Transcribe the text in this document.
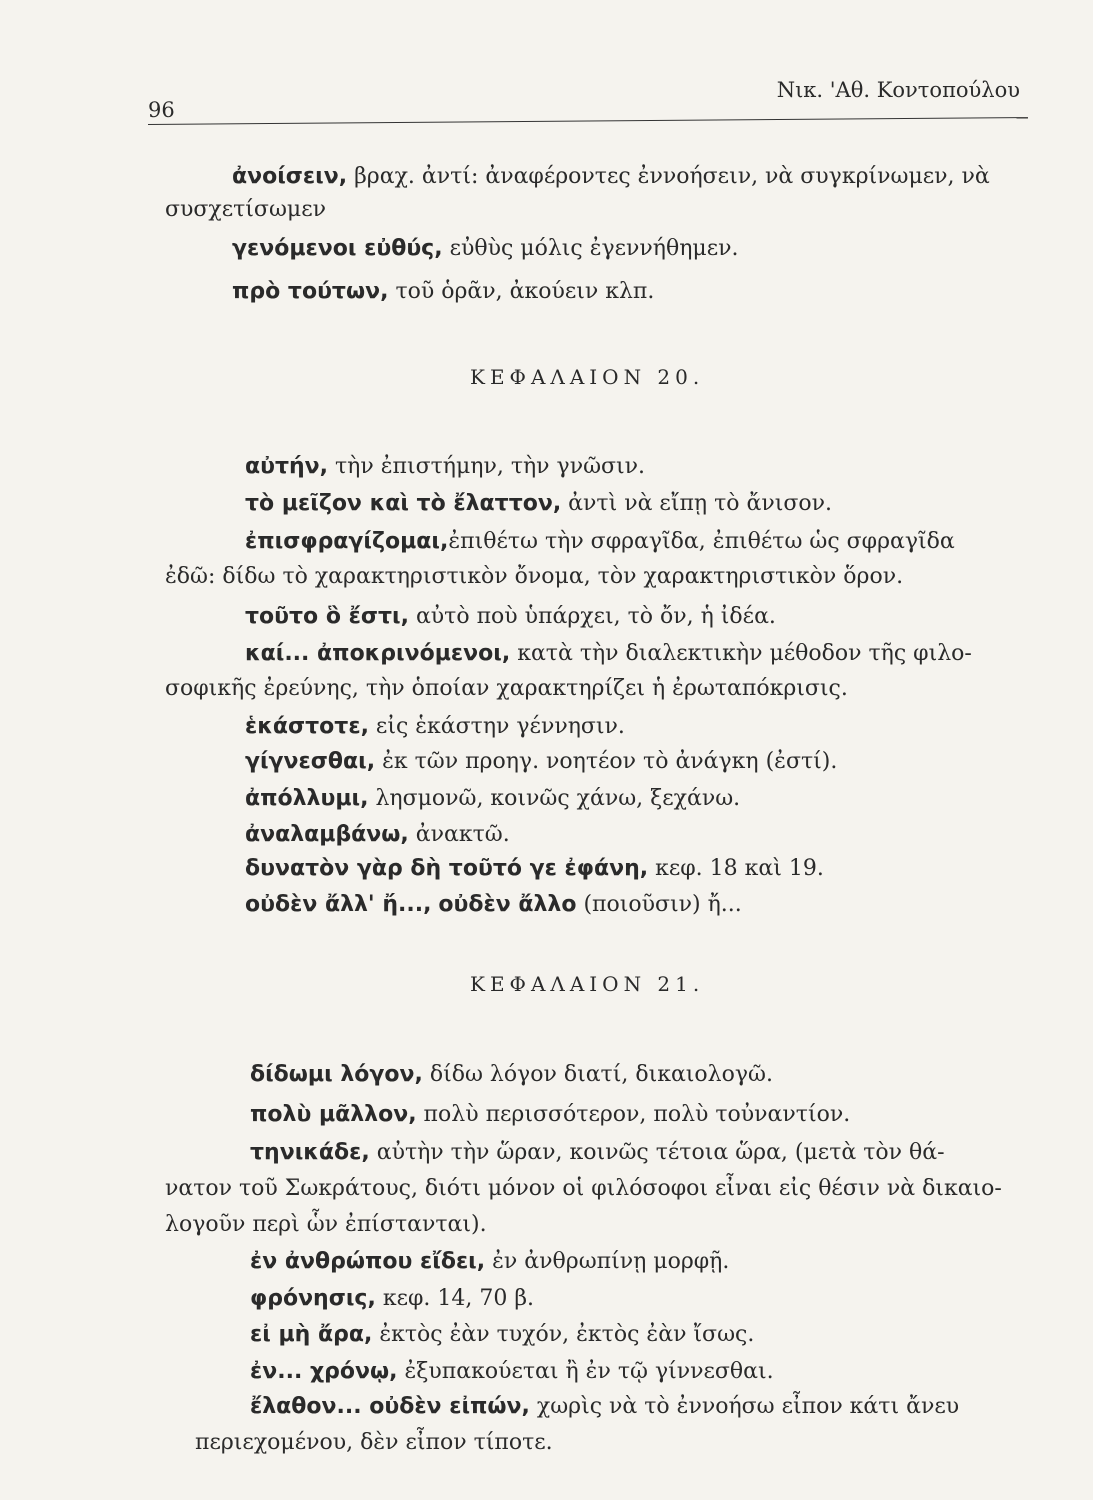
96
Νικ. 'Αθ. Κοντοπούλου
ἀνοίσειν, βραχ. ἀντί: ἀναφέροντες ἐννοήσειν, νὰ συγκρίνωμεν, νὰ
συσχετίσωμεν
γενόμενοι εὐθύς, εὐθὺς μόλις ἐγεννήθημεν.
πρὸ τούτων, τοῦ ὁρᾶν, ἀκούειν κλπ.
ΚΕΦΑΛΑΙΟΝ 20.
αὐτήν, τὴν ἐπιστήμην, τὴν γνῶσιν.
τὸ μεῖζον καὶ τὸ ἔλαττον, ἀντὶ νὰ εἴπῃ τὸ ἄνισον.
ἐπισφραγίζομαι,ἐπιθέτω τὴν σφραγῖδα, ἐπιθέτω ὡς σφραγῖδα
ἐδῶ: δίδω τὸ χαρακτηριστικὸν ὄνομα, τὸν χαρακτηριστικὸν ὅρον.
τοῦτο ὃ ἔστι, αὐτὸ ποὺ ὑπάρχει, τὸ ὄν, ἡ ἰδέα.
καί... ἀποκρινόμενοι, κατὰ τὴν διαλεκτικὴν μέθοδον τῆς φιλο-
σοφικῆς ἐρεύνης, τὴν ὁποίαν χαρακτηρίζει ἡ ἐρωταπόκρισις.
ἑκάστοτε, εἰς ἑκάστην γέννησιν.
γίγνεσθαι, ἐκ τῶν προηγ. νοητέον τὸ ἀνάγκη (ἐστί).
ἀπόλλυμι, λησμονῶ, κοινῶς χάνω, ξεχάνω.
ἀναλαμβάνω, ἀνακτῶ.
δυνατὸν γὰρ δὴ τοῦτό γε ἐφάνη, κεφ. 18 καὶ 19.
οὐδὲν ἄλλ' ἤ..., οὐδὲν ἄλλο (ποιοῦσιν) ἤ...
ΚΕΦΑΛΑΙΟΝ 21.
δίδωμι λόγον, δίδω λόγον διατί, δικαιολογῶ.
πολὺ μᾶλλον, πολὺ περισσότερον, πολὺ τοὐναντίον.
τηνικάδε, αὐτὴν τὴν ὥραν, κοινῶς τέτοια ὥρα, (μετὰ τὸν θά-
νατον τοῦ Σωκράτους, διότι μόνον οἱ φιλόσοφοι εἶναι εἰς θέσιν νὰ δικαιο-
λογοῦν περὶ ὧν ἐπίστανται).
ἐν ἀνθρώπου εἴδει, ἐν ἀνθρωπίνῃ μορφῇ.
φρόνησις, κεφ. 14, 70 β.
εἰ μὴ ἄρα, ἐκτὸς ἐὰν τυχόν, ἐκτὸς ἐὰν ἴσως.
ἐν... χρόνῳ, ἐξυπακούεται ἢ ἐν τῷ γίννεσθαι.
ἔλαθον... οὐδὲν εἰπών, χωρὶς νὰ τὸ ἐννοήσω εἶπον κάτι ἄνευ
περιεχομένου, δὲν εἶπον τίποτε.
